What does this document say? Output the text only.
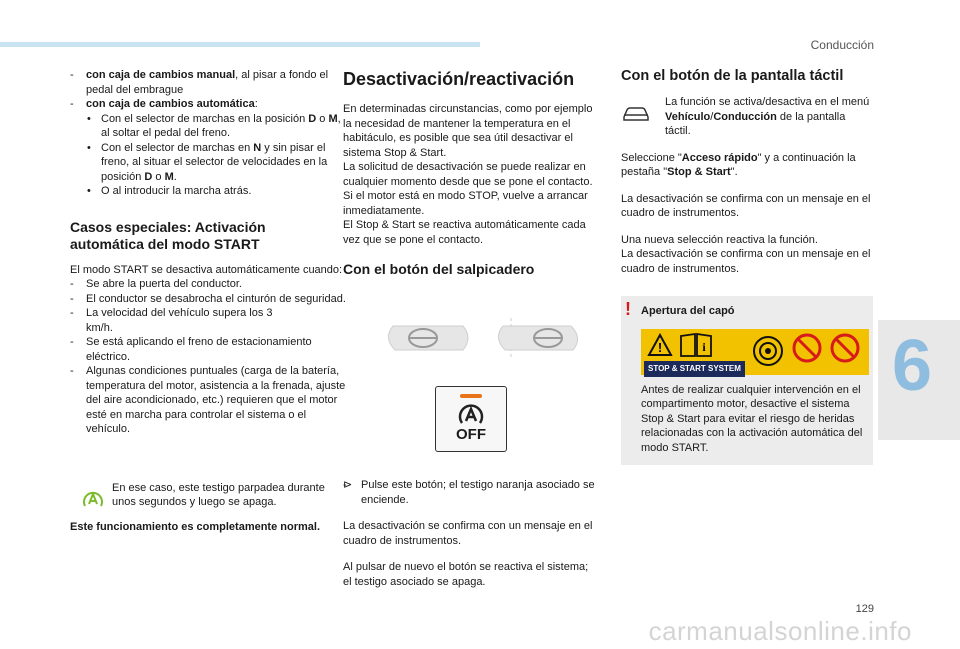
Conducción
6
129
carmanualsonline.info

- con caja de cambios manual, al pisar a fondo el pedal del embrague

- con caja de cambios automática:

• Con el selector de marchas en la posición D o M, al soltar el pedal del freno.

• Con el selector de marchas en N y sin pisar el freno, al situar el selector de velocidades en la posición D o M.

• O al introducir la marcha atrás.

Casos especiales: Activación automática del modo START

El modo START se desactiva automáticamente cuando:

- Se abre la puerta del conductor.

- El conductor se desabrocha el cinturón de seguridad.

- La velocidad del vehículo supera los 3 km/h.

- Se está aplicando el freno de estacionamiento eléctrico.

- Algunas condiciones puntuales (carga de la batería, temperatura del motor, asistencia a la frenada, ajuste del aire acondicionado, etc.) requieren que el motor esté en marcha para controlar el sistema o el vehículo.

En ese caso, este testigo parpadea durante unos segundos y luego se apaga.

Este funcionamiento es completamente normal.

Desactivación/reactivación

En determinadas circunstancias, como por ejemplo la necesidad de mantener la temperatura en el habitáculo, es posible que sea útil desactivar el sistema Stop & Start.

La solicitud de desactivación se puede realizar en cualquier momento desde que se pone el contacto.

Si el motor está en modo STOP, vuelve a arrancar inmediatamente.

El Stop & Start se reactiva automáticamente cada vez que se pone el contacto.

Con el botón del salpicadero
OFF

- ⊳ Pulse este botón; el testigo naranja asociado se enciende.

La desactivación se confirma con un mensaje en el cuadro de instrumentos.

Al pulsar de nuevo el botón se reactiva el sistema; el testigo asociado se apaga.

Con el botón de la pantalla táctil

La función se activa/desactiva en el menú Vehículo/Conducción de la pantalla táctil.

Seleccione "Acceso rápido" y a continuación la pestaña "Stop & Start".

La desactivación se confirma con un mensaje en el cuadro de instrumentos.

Una nueva selección reactiva la función.

La desactivación se confirma con un mensaje en el cuadro de instrumentos.

! Apertura del capó

!	i
STOP & START SYSTEM

Antes de realizar cualquier intervención en el compartimento motor, desactive el sistema Stop & Start para evitar el riesgo de heridas relacionadas con la activación automática del modo START.
